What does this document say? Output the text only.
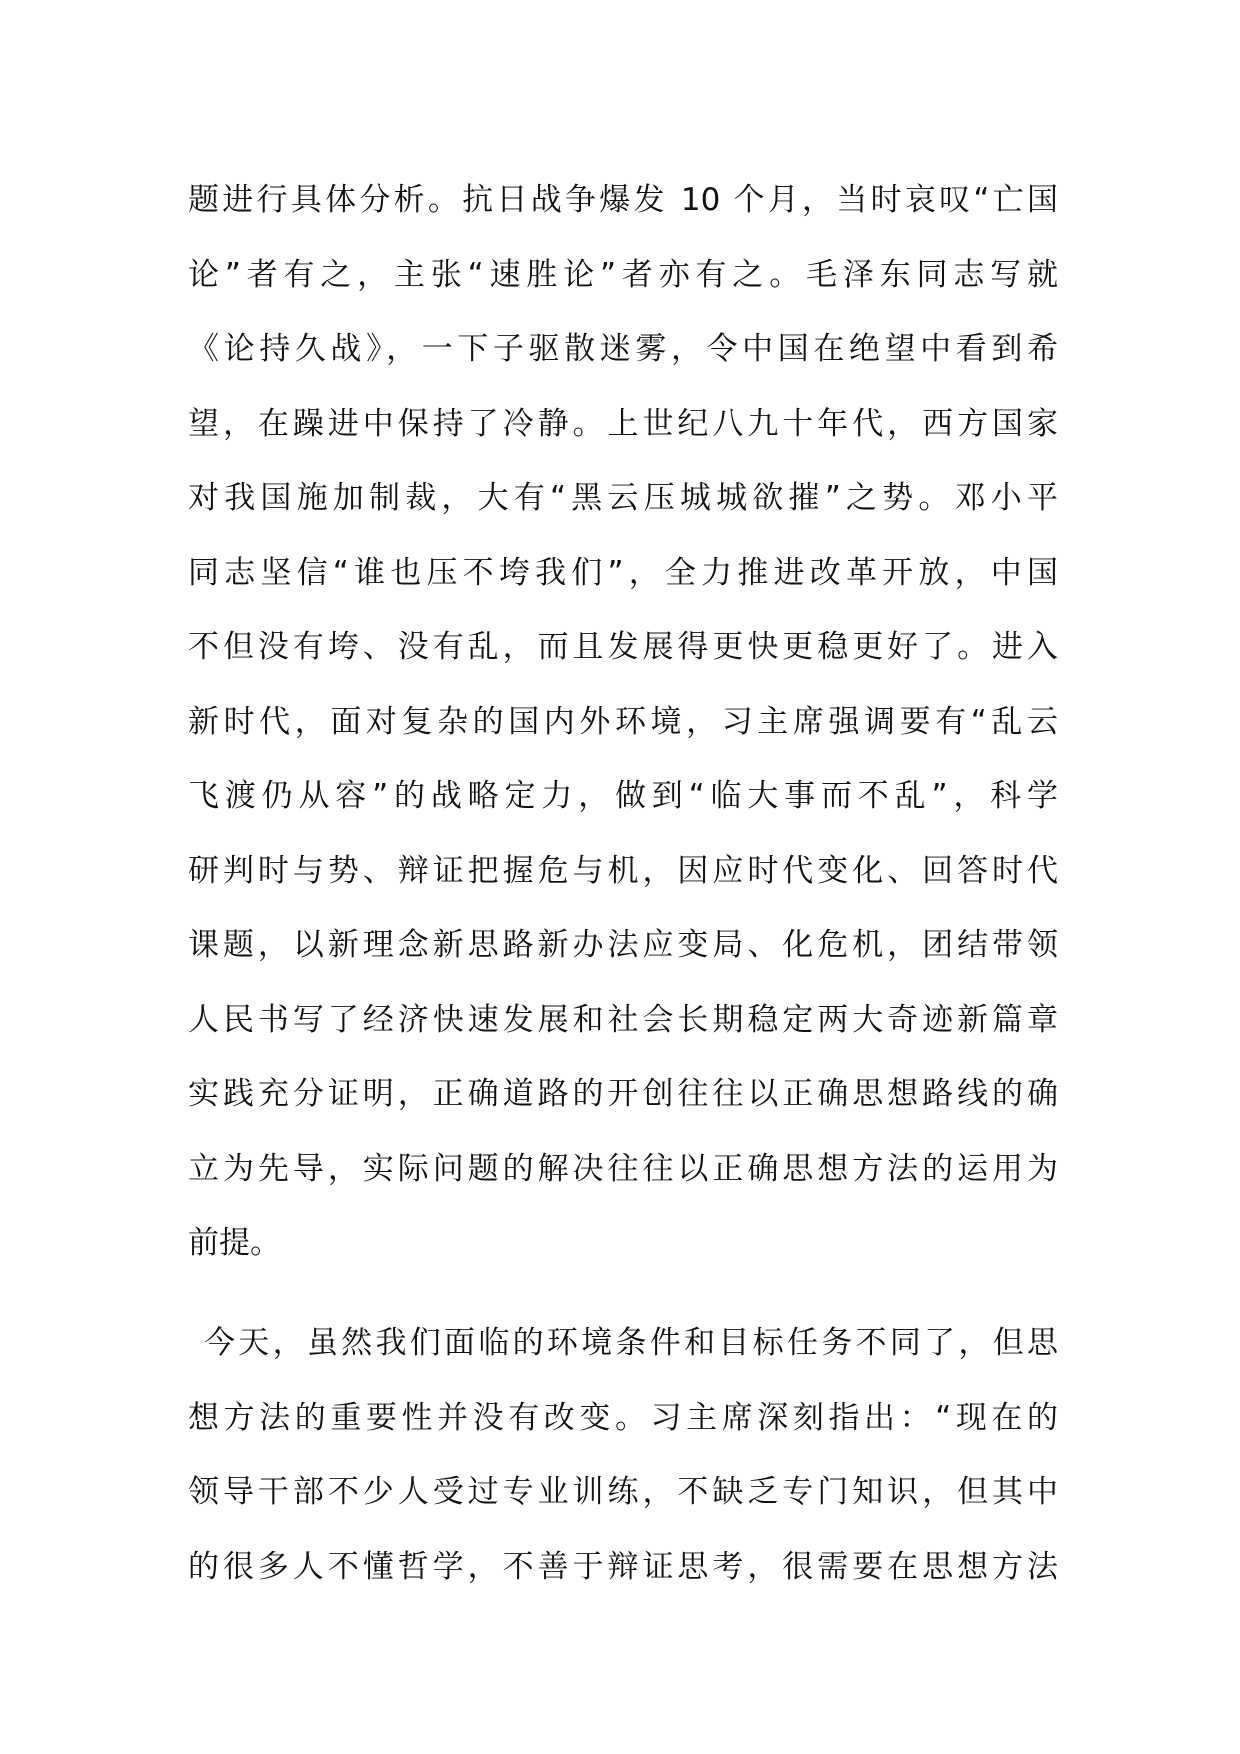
题进行具体分析。抗日战争爆发 10 个月，当时哀叹“亡国
论”者有之，主张“速胜论”者亦有之。毛泽东同志写就
《论持久战》，一下子驱散迷雾，令中国在绝望中看到希
望，在躁进中保持了冷静。上世纪八九十年代，西方国家
对我国施加制裁，大有“黑云压城城欲摧”之势。邓小平
同志坚信“谁也压不垮我们”，全力推进改革开放，中国
不但没有垮、没有乱，而且发展得更快更稳更好了。进入
新时代，面对复杂的国内外环境，习主席强调要有“乱云
飞渡仍从容”的战略定力，做到“临大事而不乱”，科学
研判时与势、辩证把握危与机，因应时代变化、回答时代
课题，以新理念新思路新办法应变局、化危机，团结带领
人民书写了经济快速发展和社会长期稳定两大奇迹新篇章
实践充分证明，正确道路的开创往往以正确思想路线的确
立为先导，实际问题的解决往往以正确思想方法的运用为
前提。
今天，虽然我们面临的环境条件和目标任务不同了，但思
想方法的重要性并没有改变。习主席深刻指出：“现在的
领导干部不少人受过专业训练，不缺乏专门知识，但其中
的很多人不懂哲学，不善于辩证思考，很需要在思想方法
